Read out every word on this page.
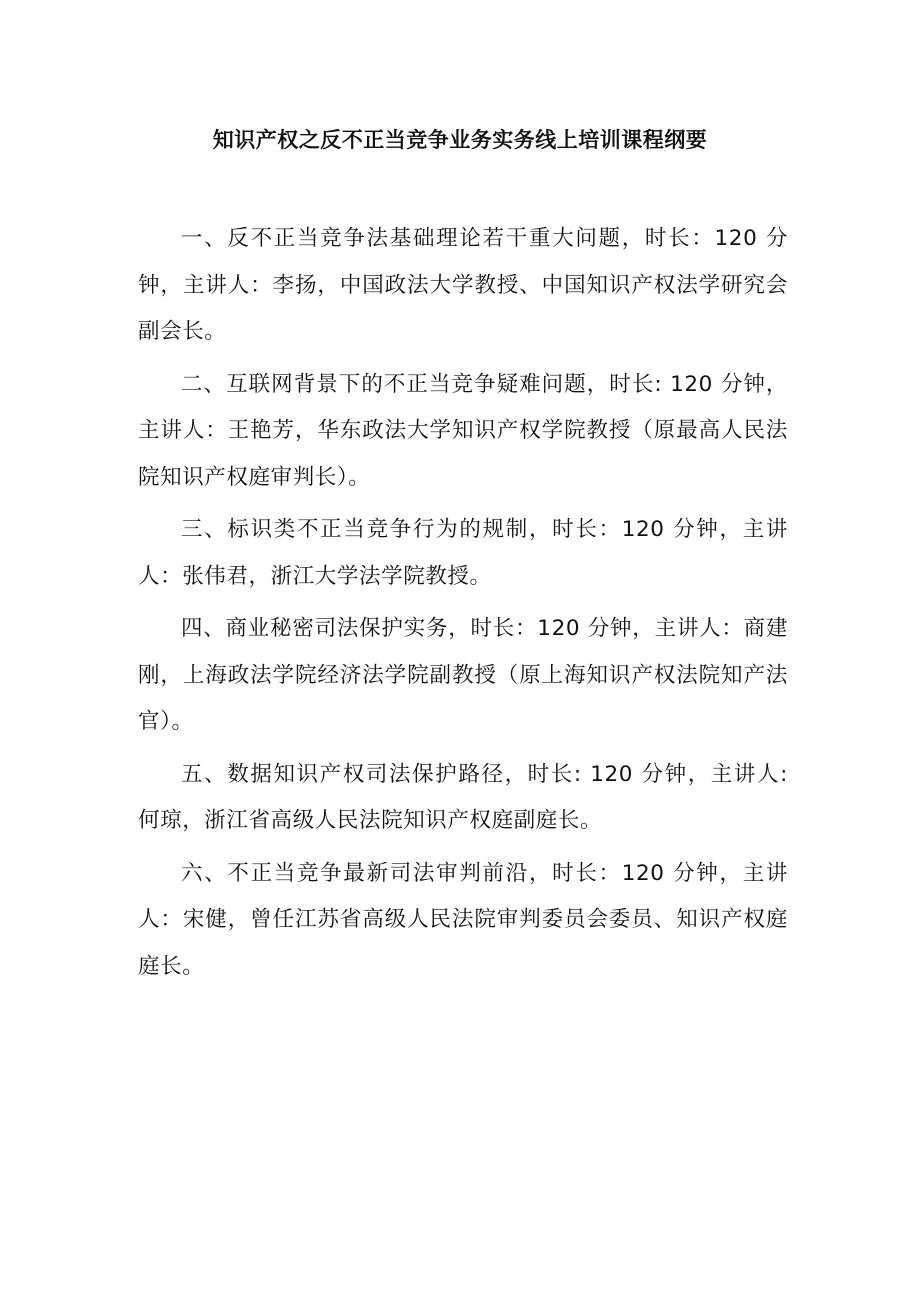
知识产权之反不正当竞争业务实务线上培训课程纲要

一、反不正当竞争法基础理论若干重大问题，时长：120 分钟，主讲人：李扬，中国政法大学教授、中国知识产权法学研究会副会长。

二、互联网背景下的不正当竞争疑难问题，时长: 120 分钟，主讲人：王艳芳，华东政法大学知识产权学院教授（原最高人民法院知识产权庭审判长）。

三、标识类不正当竞争行为的规制，时长：120 分钟，主讲人：张伟君，浙江大学法学院教授。

四、商业秘密司法保护实务，时长：120 分钟，主讲人：商建刚，上海政法学院经济法学院副教授（原上海知识产权法院知产法官）。

五、数据知识产权司法保护路径，时长: 120 分钟，主讲人: 何琼，浙江省高级人民法院知识产权庭副庭长。

六、不正当竞争最新司法审判前沿，时长：120 分钟，主讲人：宋健，曾任江苏省高级人民法院审判委员会委员、知识产权庭庭长。
